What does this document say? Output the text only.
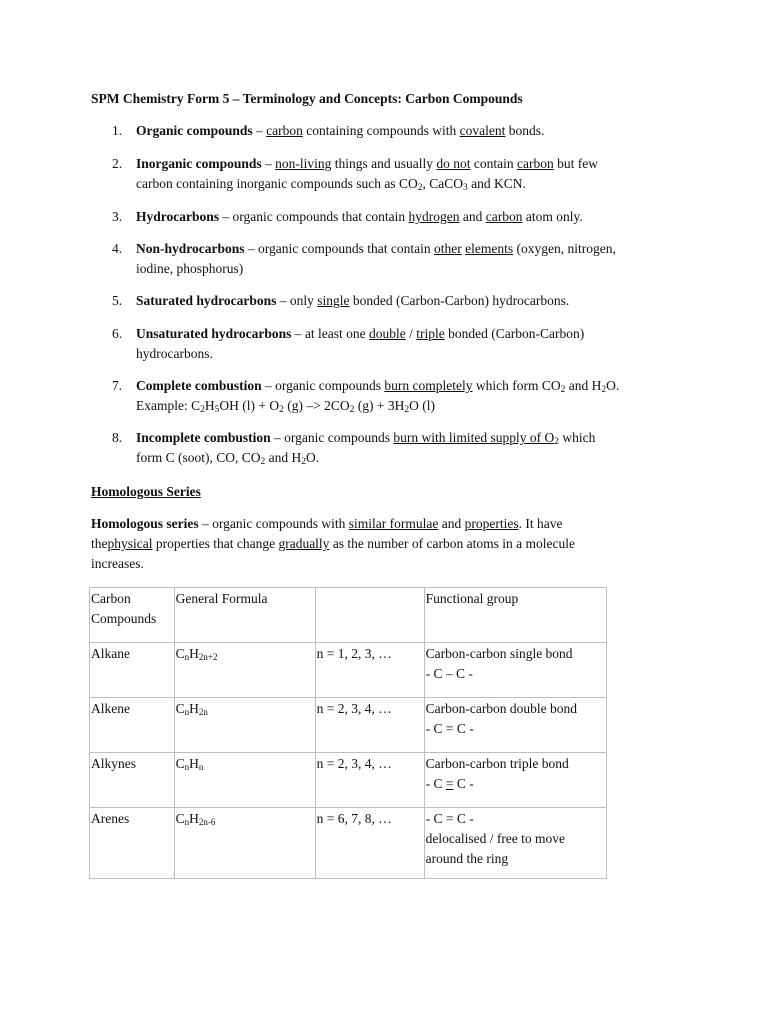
SPM Chemistry Form 5 – Terminology and Concepts: Carbon Compounds
1.	Organic compounds – carbon containing compounds with covalent bonds.
2.	Inorganic compounds – non-living things and usually do not contain carbon but few
carbon containing inorganic compounds such as $CO_2$, CaCO$_3$ and KCN.
3.	Hydrocarbons – organic compounds that contain hydrogen and carbon atom only.
4.	Non-hydrocarbons – organic compounds that contain other elements (oxygen, nitrogen,
iodine, phosphorus)
5.	Saturated hydrocarbons – only single bonded (Carbon-Carbon) hydrocarbons.
6.	Unsaturated hydrocarbons – at least one double / triple bonded (Carbon-Carbon)
hydrocarbons.
7.	Complete combustion – organic compounds burn completely which form $CO_2$ and $H_2O$.
Example: $C_2H_5OH$ $(l) + O_2$ $(g) -> 2CO_2$ $(g) + 3H_2O$ (l)
8.	Incomplete combustion – organic compounds burn with limited supply of $O_2$ which
form C (soot), CO, $CO_2$ and $H_2O$.
Homologous Series
Homologous series – organic compounds with similar formulae and properties. It have
thephysical properties that change gradually as the number of carbon atoms in a molecule
increases.
Carbon
Compounds	General Formula		Functional group
Alkane	$C_nH_{2n+2}$	n = 1, 2, 3, …	Carbon-carbon single bond
- C – C -
Alkene	$C_nH_{2n}$	n = 2, 3, 4, …	Carbon-carbon double bond
- C = C -
Alkynes	$C_nH_n$	n = 2, 3, 4, …	Carbon-carbon triple bond
- C = C -
Arenes	$C_nH_{2n-6}$	n = 6, 7, 8, …	- C = C -
delocalised / free to move
around the ring
